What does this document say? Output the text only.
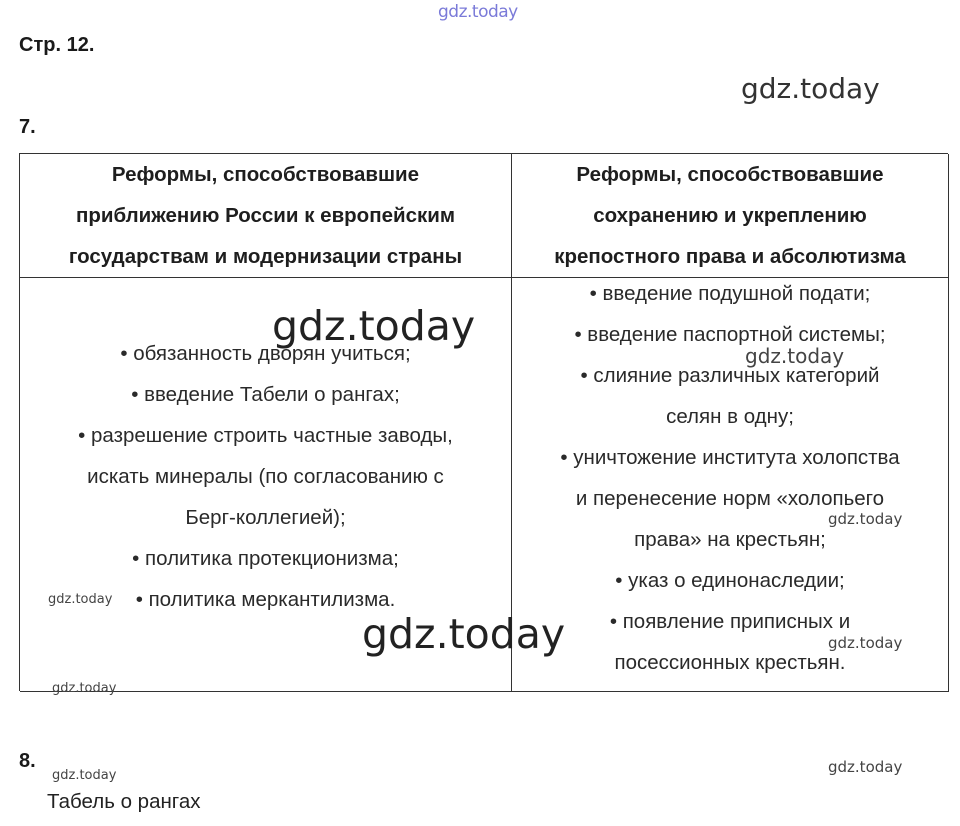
gdz.today
gdz.today
Стр. 12.
7.
Реформы, способствовавшие
приближению России к европейским
государствам и модернизации страны
Реформы, способствовавшие
сохранению и укреплению
крепостного права и абсолютизма
• обязанность дворян учиться;
• введение Табели о рангах;
• разрешение строить частные заводы,
искать минералы (по согласованию с
Берг-коллегией);
• политика протекционизма;
• политика меркантилизма.
• введение подушной подати;
• введение паспортной системы;
• слияние различных категорий
селян в одну;
• уничтожение института холопства
и перенесение норм «холопьего
права» на крестьян;
• указ о единонаследии;
• появление приписных и
посессионных крестьян.
gdz.today
gdz.today
gdz.today
gdz.today
gdz.today	gdz.today
gdz.today
8.
gdz.today	gdz.today
Табель о рангах
